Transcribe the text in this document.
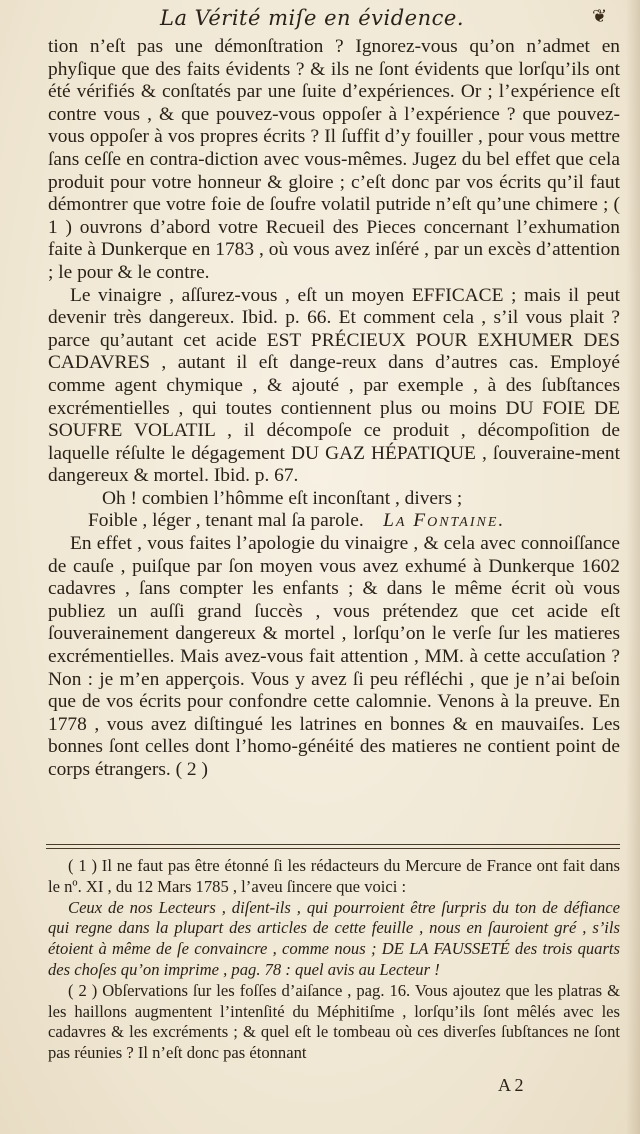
La Vérité miſe en évidence.	❦

tion n’eſt pas une démonſtration ? Ignorez-vous qu’on n’admet en phyſique que des faits évidents ? & ils ne ſont évidents que lorſqu’ils ont été vérifiés & conſtatés par une ſuite d’expériences. Or ; l’expérience eſt contre vous , & que pouvez-vous oppoſer à l’expérience ? que pouvez-vous oppoſer à vos propres écrits ? Il ſuffit d’y fouiller , pour vous mettre ſans ceſſe en contra-diction avec vous-mêmes. Jugez du bel effet que cela produit pour votre honneur & gloire ; c’eſt donc par vos écrits qu’il faut démontrer que votre foie de ſoufre volatil putride n’eſt qu’une chimere ; ( 1 ) ouvrons d’abord votre Recueil des Pieces concernant l’exhumation faite à Dunkerque en 1783 , où vous avez inſéré , par un excès d’attention ; le pour & le contre.

Le vinaigre , aſſurez-vous , eſt un moyen EFFICACE ; mais il peut devenir très dangereux. Ibid. p. 66. Et comment cela , s’il vous plait ? parce qu’autant cet acide EST PRÉCIEUX POUR EXHUMER DES CADAVRES , autant il eſt dange-reux dans d’autres cas. Employé comme agent chymique , & ajouté , par exemple , à des ſubſtances excrémentielles , qui toutes contiennent plus ou moins DU FOIE DE SOUFRE VOLATIL , il décompoſe ce produit , décompoſition de laquelle réſulte le dégagement DU GAZ HÉPATIQUE , ſouveraine-ment dangereux & mortel. Ibid. p. 67.

Oh ! combien l’hômme eſt inconſtant , divers ;

Foible , léger , tenant mal ſa parole. La Fontaine.

En effet , vous faites l’apologie du vinaigre , & cela avec connoiſſance de cauſe , puiſque par ſon moyen vous avez exhumé à Dunkerque 1602 cadavres , ſans compter les enfants ; & dans le même écrit où vous publiez un auſſi grand ſuccès , vous prétendez que cet acide eſt ſouverainement dangereux & mortel , lorſqu’on le verſe ſur les matieres excrémentielles. Mais avez-vous fait attention , MM. à cette accuſation ? Non : je m’en apperçois. Vous y avez ſi peu réfléchi , que je n’ai beſoin que de vos écrits pour confondre cette calomnie. Venons à la preuve. En 1778 , vous avez diſtingué les latrines en bonnes & en mauvaiſes. Les bonnes ſont celles dont l’homo-généité des matieres ne contient point de corps étrangers. ( 2 )

( 1 ) Il ne faut pas être étonné ſi les rédacteurs du Mercure de France ont fait dans le nº. XI , du 12 Mars 1785 , l’aveu ſincere que voici :

Ceux de nos Lecteurs , diſent-ils , qui pourroient être ſurpris du ton de défiance qui regne dans la plupart des articles de cette feuille , nous en ſauroient gré , s’ils étoient à même de ſe convaincre , comme nous ; DE LA FAUSSETÉ des trois quarts des choſes qu’on imprime , pag. 78 : quel avis au Lecteur !

( 2 ) Obſervations ſur les foſſes d’aiſance , pag. 16. Vous ajoutez que les platras & les haillons augmentent l’intenſité du Méphitiſme , lorſqu’ils ſont mêlés avec les cadavres & les excréments ; & quel eſt le tombeau où ces diverſes ſubſtances ne ſont pas réunies ? Il n’eſt donc pas étonnant

A 2
